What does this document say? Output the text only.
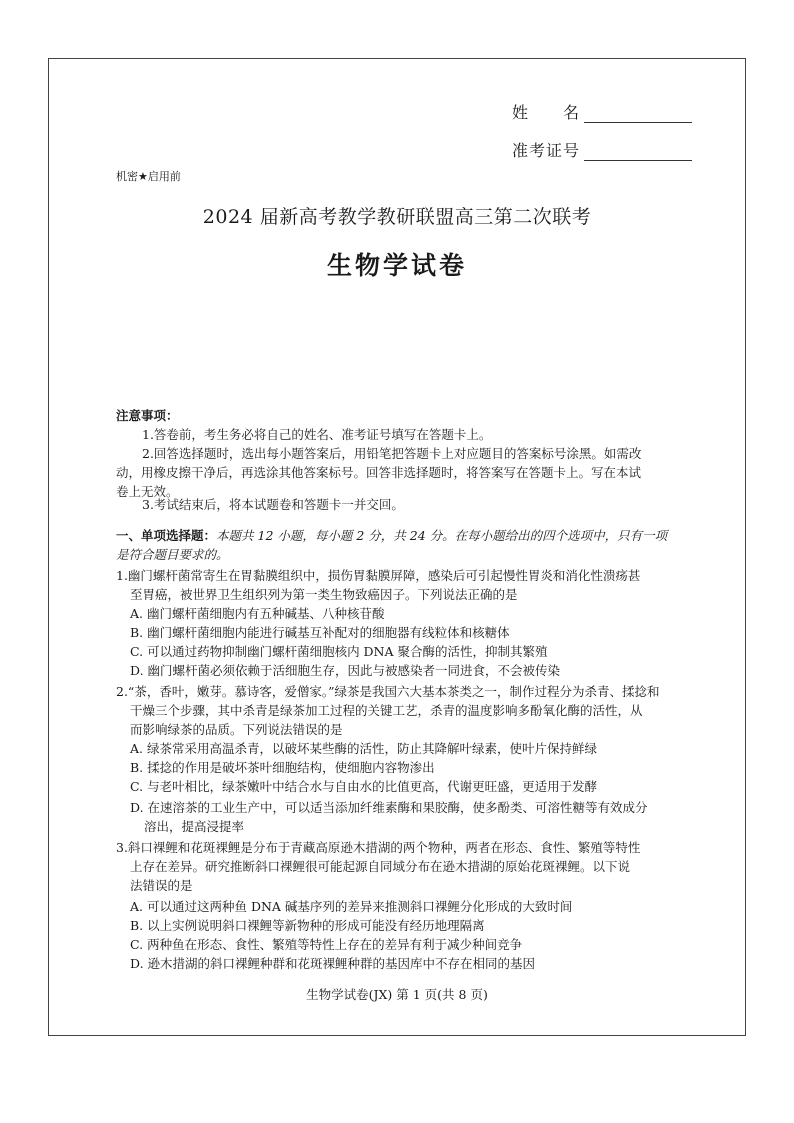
姓　　名
准考证号
机密★启用前
2024 届新高考教学教研联盟高三第二次联考
生物学试卷
注意事项：
1.答卷前，考生务必将自己的姓名、准考证号填写在答题卡上。
2.回答选择题时，选出每小题答案后，用铅笔把答题卡上对应题目的答案标号涂黑。如需改
动，用橡皮擦干净后，再选涂其他答案标号。回答非选择题时，将答案写在答题卡上。写在本试
卷上无效。
3.考试结束后，将本试题卷和答题卡一并交回。
一、单项选择题：本题共 12 小题，每小题 2 分，共 24 分。在每小题给出的四个选项中，只有一项
是符合题目要求的。
1.幽门螺杆菌常寄生在胃黏膜组织中，损伤胃黏膜屏障，感染后可引起慢性胃炎和消化性溃疡甚
至胃癌，被世界卫生组织列为第一类生物致癌因子。下列说法正确的是
A. 幽门螺杆菌细胞内有五种碱基、八种核苷酸
B. 幽门螺杆菌细胞内能进行碱基互补配对的细胞器有线粒体和核糖体
C. 可以通过药物抑制幽门螺杆菌细胞核内 DNA 聚合酶的活性，抑制其繁殖
D. 幽门螺杆菌必须依赖于活细胞生存，因此与被感染者一同进食，不会被传染
2.“茶，香叶，嫩芽。慕诗客，爱僧家。”绿茶是我国六大基本茶类之一，制作过程分为杀青、揉捻和
干燥三个步骤，其中杀青是绿茶加工过程的关键工艺，杀青的温度影响多酚氧化酶的活性，从
而影响绿茶的品质。下列说法错误的是
A. 绿茶常采用高温杀青，以破坏某些酶的活性，防止其降解叶绿素，使叶片保持鲜绿
B. 揉捻的作用是破坏茶叶细胞结构，使细胞内容物渗出
C. 与老叶相比，绿茶嫩叶中结合水与自由水的比值更高，代谢更旺盛，更适用于发酵
D. 在速溶茶的工业生产中，可以适当添加纤维素酶和果胶酶，使多酚类、可溶性糖等有效成分
溶出，提高浸提率
3.斜口裸鲤和花斑裸鲤是分布于青藏高原逊木措湖的两个物种，两者在形态、食性、繁殖等特性
上存在差异。研究推断斜口裸鲤很可能起源自同域分布在逊木措湖的原始花斑裸鲤。以下说
法错误的是
A. 可以通过这两种鱼 DNA 碱基序列的差异来推测斜口裸鲤分化形成的大致时间
B. 以上实例说明斜口裸鲤等新物种的形成可能没有经历地理隔离
C. 两种鱼在形态、食性、繁殖等特性上存在的差异有利于减少种间竞争
D. 逊木措湖的斜口裸鲤种群和花斑裸鲤种群的基因库中不存在相同的基因
生物学试卷(JX) 第 1 页(共 8 页)
